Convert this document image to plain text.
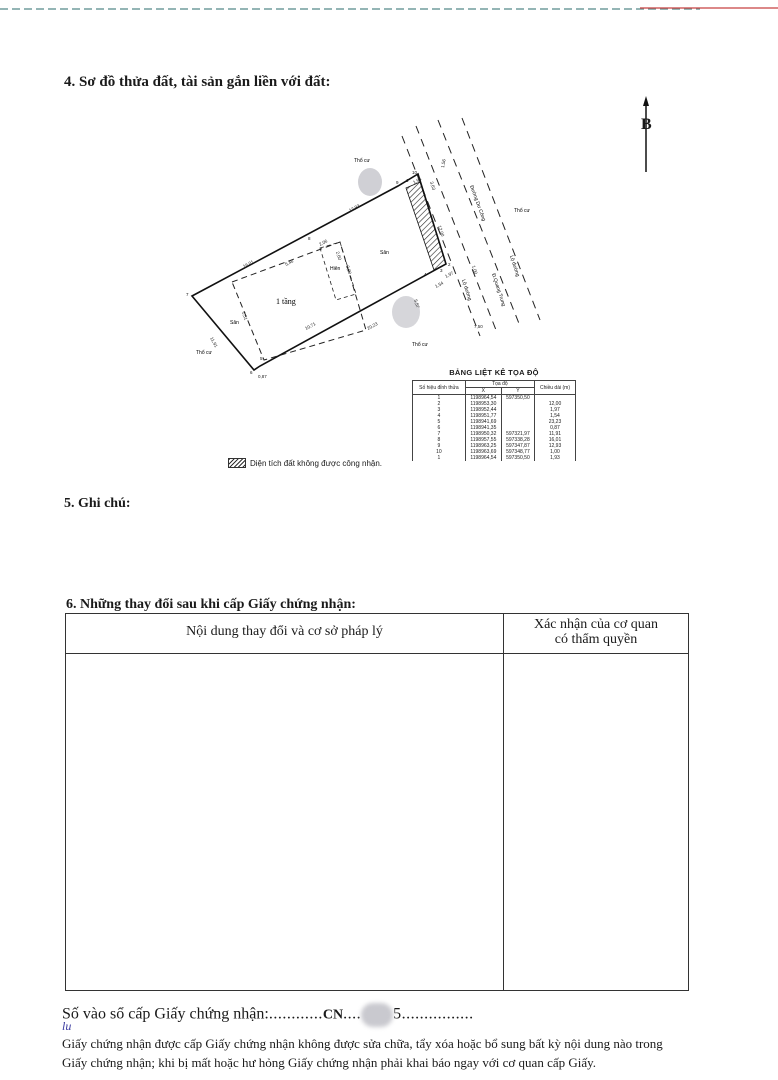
4. Sơ đồ thửa đất, tài sản gắn liền với đất:
B
1 tầng
Hiên
Sân
Sân
Thổ cư
Thổ cư
Thổ cư
Thổ cư
Đường Dư Công
Đ.Quang Trung
Lộ đường
Lộ đường
12,93
16,01
10,71	20,23
11,91
0,87
1,56
5,46
2,06
3,00
3,63
1,54
1,97
12,00
1,93
1,00
7,50
2,60
1,51
5,57
1
2
3
4
5
6
7
8
9
10
BẢNG LIỆT KÊ TỌA ĐỘ
Số hiệu đỉnh thửa	Tọa độ		Chiều dài (m)
	X	Y	
1	1198964,54	597350,50	
2	1198953,30		12,00
3	1198952,44		1,97
4	1198951,77		1,54
5	1198941,69		23,23
6	1198941,35		0,87
7	1198950,32	597321,97	11,91
8	1198957,55	597338,28	16,01
9	1198963,25	597347,87	12,93
10	1198963,69	597348,77	1,00
1	1198964,54	597350,50	1,93
Diện tích đất không được công nhận.
5. Ghi chú:
6. Những thay đổi sau khi cấp Giấy chứng nhận:
Nội dung thay đổi và cơ sở pháp lý	Xác nhận của cơ quan
có thẩm quyền
Số vào sổ cấp Giấy chứng nhận:............CN.... 5................
lu
Giấy chứng nhận được cấp Giấy chứng nhận không được sửa chữa, tẩy xóa hoặc bổ sung bất kỳ nội dung nào trong
Giấy chứng nhận; khi bị mất hoặc hư hỏng Giấy chứng nhận phải khai báo ngay với cơ quan cấp Giấy.
